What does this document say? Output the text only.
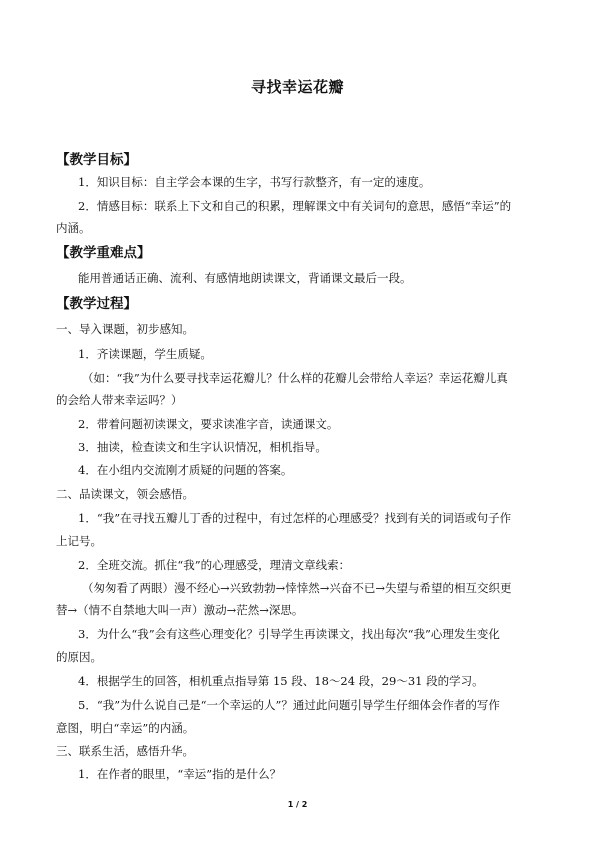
寻找幸运花瓣
【教学目标】
1．知识目标：自主学会本课的生字，书写行款整齐，有一定的速度。
2．情感目标：联系上下文和自己的积累，理解课文中有关词句的意思，感悟“幸运”的
内涵。
【教学重难点】
能用普通话正确、流利、有感情地朗读课文，背诵课文最后一段。
【教学过程】
一、导入课题，初步感知。
1．齐读课题，学生质疑。
（如：“我”为什么要寻找幸运花瓣儿？什么样的花瓣儿会带给人幸运？幸运花瓣儿真
的会给人带来幸运吗？）
2．带着问题初读课文，要求读准字音，读通课文。
3．抽读，检查读文和生字认识情况，相机指导。
4．在小组内交流刚才质疑的问题的答案。
二、品读课文，领会感悟。
1．“我”在寻找五瓣儿丁香的过程中，有过怎样的心理感受？找到有关的词语或句子作
上记号。
2．全班交流。抓住“我”的心理感受，理清文章线索：
（匆匆看了两眼）漫不经心→兴致勃勃→悻悻然→兴奋不已→失望与希望的相互交织更
替→（情不自禁地大叫一声）激动→茫然→深思。
3．为什么“我”会有这些心理变化？引导学生再读课文，找出每次“我”心理发生变化
的原因。
4．根据学生的回答，相机重点指导第 15 段、18～24 段，29～31 段的学习。
5．“我”为什么说自己是“一个幸运的人”？通过此问题引导学生仔细体会作者的写作
意图，明白“幸运”的内涵。
三、联系生活，感悟升华。
1．在作者的眼里，“幸运”指的是什么？
1 / 2
